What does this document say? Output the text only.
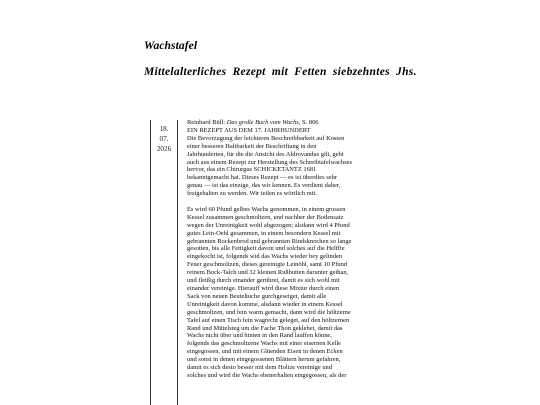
Wachstafel
Mittelalterliches Rezept mit Fetten siebzehntes Jhs.
18.
07.
2026
Reinhard Büll: Das große Buch vom Wachs, S. 806
EIN REZEPT AUS DEM 17. JAHRHUNDERT
Die Bevorzugung der leichteren Beschreibbarkeit auf Kosten
einer besseren Haltbarkeit der Beschriftung in den
Jahrhunderten, für die die Ansicht des Aldrovandus gilt, geht
auch aus einem Rezept zur Herstellung des Schreibtafelwachses
hervor, das ein Chirurgus SCHICKETANTZ 1681
bekanntgemacht hat. Dieses Rezept — es ist überdies sehr
genau — ist das einzige, das wir kennen. Es verdient daher,
festgehalten zu werden. Wir teilen es wörtlich mit.
Es wird 60 Pfund gelbes Wachs genommen, in einem grossen
Kessel zusammen geschmoltzen, und nachher der Bodensatz
wegen der Unreinigkeit wohl abgezogen; alsdann wird 4 Pfund
gutes Lein-Oehl gesammen, in einem besondern Kessel mit
gebrannten Rockenbrod und gebrannten Rindsknochen so lange
gesotten, bis alle Fettigkeit davon und solches auf die Helffte
eingekocht ist, folgends wid das Wachs wieder bey gelinden
Feuer geschmoltzen, dieses gereinigte Leinöhl, samt 10 Pfund
reinem Bock-Talch und 32 kleinen Rußbutten darunter gethan,
und fleißig durch einander gerühret, damit es sich wohl mit
einander vereinige. Hierauff wird diese Mixtur durch einen
Sack von neuen Beuteltuche gurchgeseiget, damit alle
Unreinigkeit davon komme, alsdann wieder in einem Kessel
geschmoltzen, und fein warm gemacht, dann wird die höltzerne
Tafel auf einen Tisch fein wagrecht geleget, auf den höltzernen
Rand und Mittelsteg um die Fache Thon geklebet, damit das
Wachs nicht über und hinten in den Rand lauffen könne,
folgends das geschmoltzene Wachs mit einer eisernen Kelle
eingegossen, und mit einem Glüenden Eisen in denen Ecken
und sonst in denen eingegossenen Blättern herum gefahren,
damit es sich desto besser mit dem Holtze vereinige und
solches und wird die Wachs ebenerhalten eingegossen, als der
